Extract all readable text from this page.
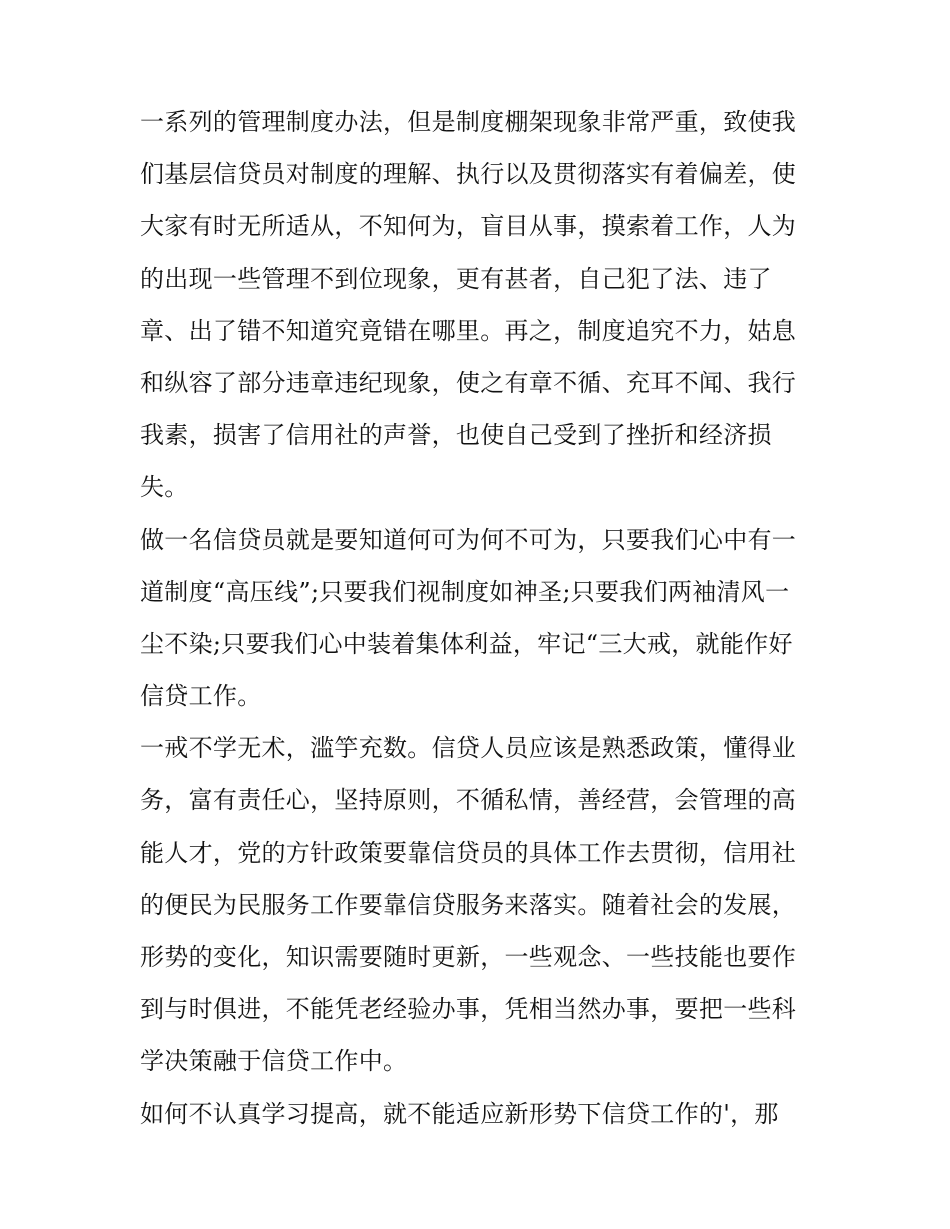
一系列的管理制度办法，但是制度棚架现象非常严重，致使我
们基层信贷员对制度的理解、执行以及贯彻落实有着偏差，使
大家有时无所适从，不知何为，盲目从事，摸索着工作，人为
的出现一些管理不到位现象，更有甚者，自己犯了法、违了
章、出了错不知道究竟错在哪里。再之，制度追究不力，姑息
和纵容了部分违章违纪现象，使之有章不循、充耳不闻、我行
我素，损害了信用社的声誉，也使自己受到了挫折和经济损
失。
做一名信贷员就是要知道何可为何不可为，只要我们心中有一
道制度“高压线”;只要我们视制度如神圣;只要我们两袖清风一
尘不染;只要我们心中装着集体利益，牢记“三大戒，就能作好
信贷工作。
一戒不学无术，滥竽充数。信贷人员应该是熟悉政策，懂得业
务，富有责任心，坚持原则，不循私情，善经营，会管理的高
能人才，党的方针政策要靠信贷员的具体工作去贯彻，信用社
的便民为民服务工作要靠信贷服务来落实。随着社会的发展，
形势的变化，知识需要随时更新，一些观念、一些技能也要作
到与时俱进，不能凭老经验办事，凭相当然办事，要把一些科
学决策融于信贷工作中。
如何不认真学习提高，就不能适应新形势下信贷工作的'，那
